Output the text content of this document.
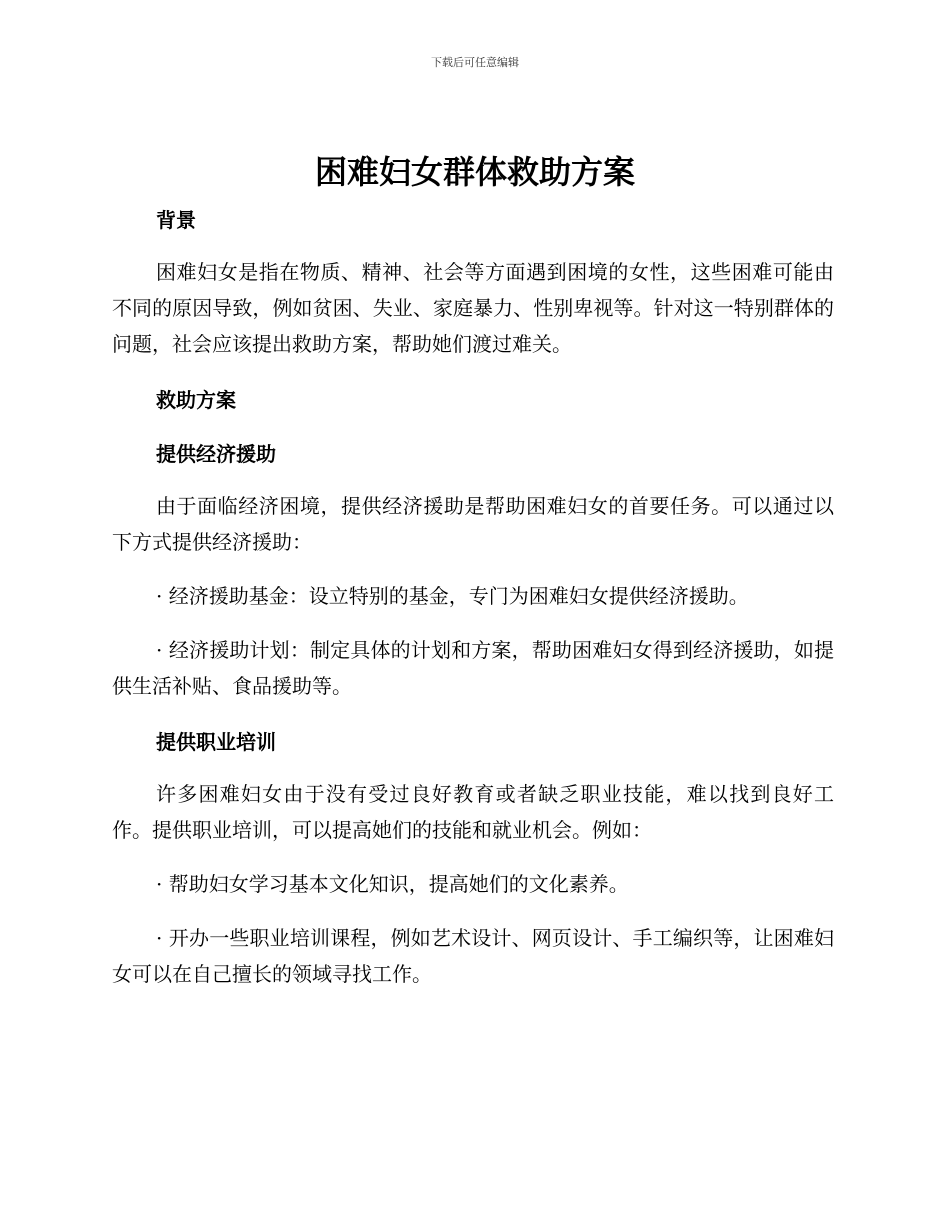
下载后可任意编辑
困难妇女群体救助方案
背景

困难妇女是指在物质、精神、社会等方面遇到困境的女性，这些困难可能由不同的原因导致，例如贫困、失业、家庭暴力、性别卑视等。针对这一特别群体的问题，社会应该提出救助方案，帮助她们渡过难关。

救助方案
提供经济援助

由于面临经济困境，提供经济援助是帮助困难妇女的首要任务。可以通过以下方式提供经济援助：

· 经济援助基金：设立特别的基金，专门为困难妇女提供经济援助。

· 经济援助计划：制定具体的计划和方案，帮助困难妇女得到经济援助，如提供生活补贴、食品援助等。

提供职业培训

许多困难妇女由于没有受过良好教育或者缺乏职业技能，难以找到良好工作。提供职业培训，可以提高她们的技能和就业机会。例如：

· 帮助妇女学习基本文化知识，提高她们的文化素养。

· 开办一些职业培训课程，例如艺术设计、网页设计、手工编织等，让困难妇女可以在自己擅长的领域寻找工作。
